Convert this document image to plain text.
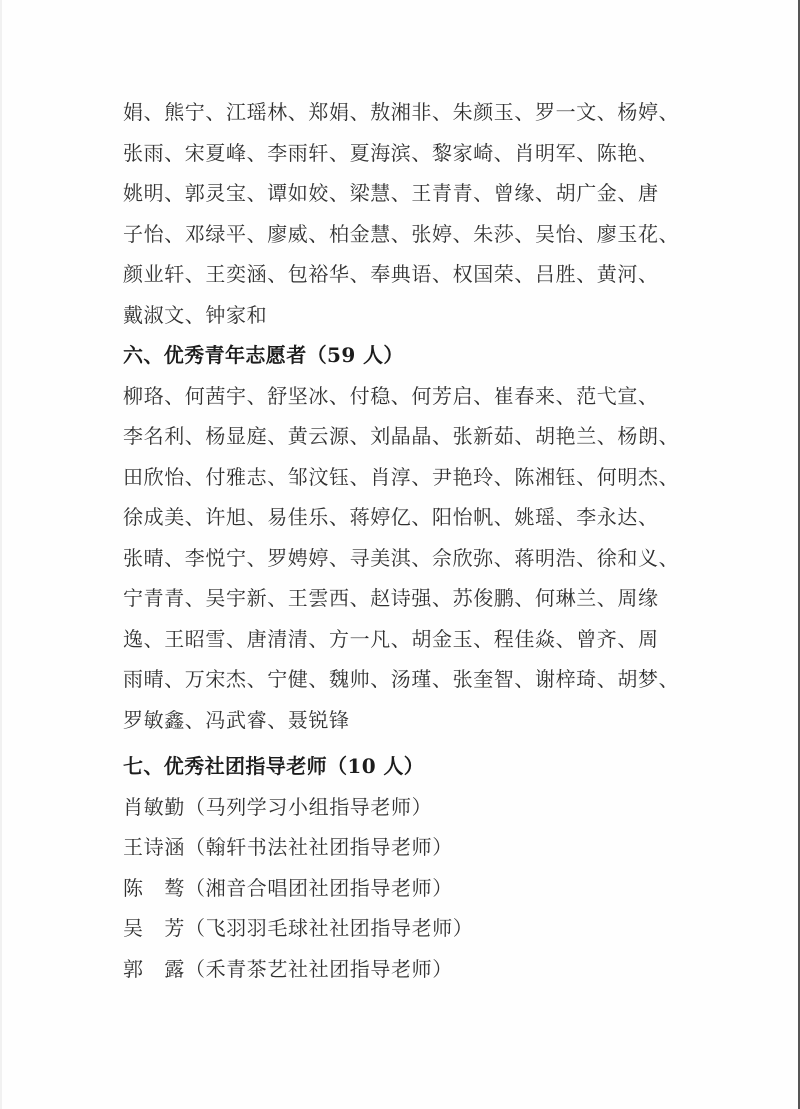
娟、熊宁、江瑶林、郑娟、敖湘非、朱颜玉、罗一文、杨婷、
张雨、宋夏峰、李雨轩、夏海滨、黎家崎、肖明军、陈艳、
姚明、郭灵宝、谭如姣、梁慧、王青青、曾缘、胡广金、唐
子怡、邓绿平、廖威、柏金慧、张婷、朱莎、吴怡、廖玉花、
颜业轩、王奕涵、包裕华、奉典语、权国荣、吕胜、黄河、
戴淑文、钟家和
六、优秀青年志愿者（59 人）
柳珞、何茜宇、舒坚冰、付稳、何芳启、崔春来、范弋宣、
李名利、杨显庭、黄云源、刘晶晶、张新茹、胡艳兰、杨朗、
田欣怡、付雅志、邹汶钰、肖淳、尹艳玲、陈湘钰、何明杰、
徐成美、许旭、易佳乐、蒋婷亿、阳怡帆、姚瑶、李永达、
张晴、李悦宁、罗娉婷、寻美淇、佘欣弥、蒋明浩、徐和义、
宁青青、吴宇新、王雲西、赵诗强、苏俊鹏、何琳兰、周缘
逸、王昭雪、唐清清、方一凡、胡金玉、程佳焱、曾齐、周
雨晴、万宋杰、宁健、魏帅、汤瑾、张奎智、谢梓琦、胡梦、
罗敏鑫、冯武睿、聂锐锋
七、优秀社团指导老师（10 人）
肖 敏 勤 （马列学习小组指导老师）
王 诗 涵 （翰轩书法社社团指导老师）
陈 骜 （湘音合唱团社团指导老师）
吴 芳 （飞羽羽毛球社社团指导老师）
郭 露 （禾青茶艺社社团指导老师）
